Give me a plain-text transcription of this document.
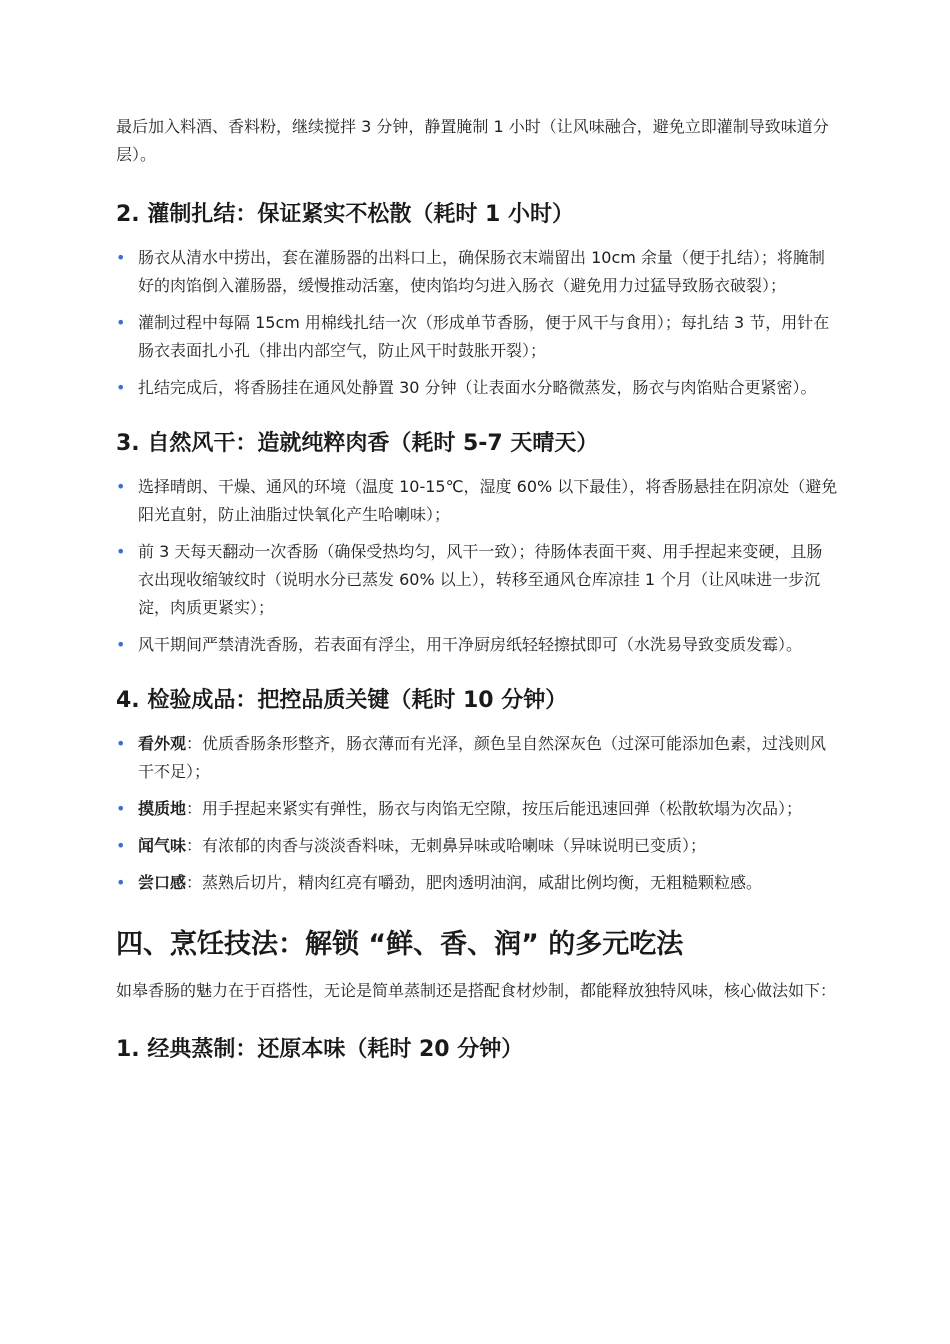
最后加入料酒、香料粉，继续搅拌 3 分钟，静置腌制 1 小时（让风味融合，避免立即灌制导致味道分层）。

2. 灌制扎结：保证紧实不松散（耗时 1 小时）
• 肠衣从清水中捞出，套在灌肠器的出料口上，确保肠衣末端留出 10cm 余量（便于扎结）；将腌制好的肉馅倒入灌肠器，缓慢推动活塞，使肉馅均匀进入肠衣（避免用力过猛导致肠衣破裂）；
• 灌制过程中每隔 15cm 用棉线扎结一次（形成单节香肠，便于风干与食用）；每扎结 3 节，用针在肠衣表面扎小孔（排出内部空气，防止风干时鼓胀开裂）；
• 扎结完成后，将香肠挂在通风处静置 30 分钟（让表面水分略微蒸发，肠衣与肉馅贴合更紧密）。
3. 自然风干：造就纯粹肉香（耗时 5-7 天晴天）
• 选择晴朗、干燥、通风的环境（温度 10-15℃，湿度 60% 以下最佳），将香肠悬挂在阴凉处（避免阳光直射，防止油脂过快氧化产生哈喇味）；
• 前 3 天每天翻动一次香肠（确保受热均匀，风干一致）；待肠体表面干爽、用手捏起来变硬，且肠衣出现收缩皱纹时（说明水分已蒸发 60% 以上），转移至通风仓库凉挂 1 个月（让风味进一步沉淀，肉质更紧实）；
• 风干期间严禁清洗香肠，若表面有浮尘，用干净厨房纸轻轻擦拭即可（水洗易导致变质发霉）。
4. 检验成品：把控品质关键（耗时 10 分钟）
• 看外观：优质香肠条形整齐，肠衣薄而有光泽，颜色呈自然深灰色（过深可能添加色素，过浅则风干不足）；
• 摸质地：用手捏起来紧实有弹性，肠衣与肉馅无空隙，按压后能迅速回弹（松散软塌为次品）；
• 闻气味：有浓郁的肉香与淡淡香料味，无刺鼻异味或哈喇味（异味说明已变质）；
• 尝口感：蒸熟后切片，精肉红亮有嚼劲，肥肉透明油润，咸甜比例均衡，无粗糙颗粒感。
四、烹饪技法：解锁 “鲜、香、润” 的多元吃法

如皋香肠的魅力在于百搭性，无论是简单蒸制还是搭配食材炒制，都能释放独特风味，核心做法如下：

1. 经典蒸制：还原本味（耗时 20 分钟）
